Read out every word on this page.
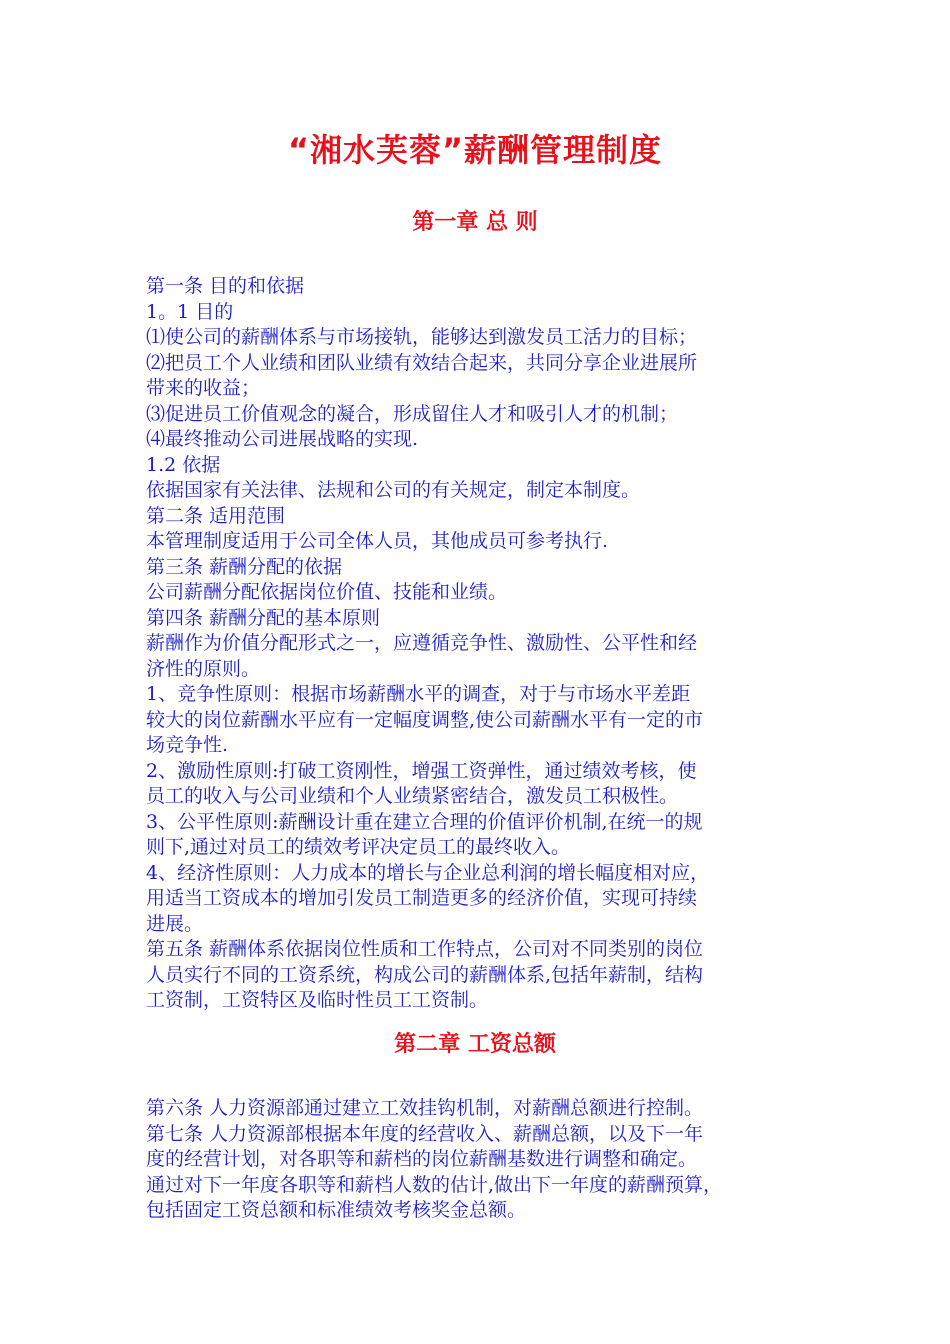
“湘水芙蓉”薪酬管理制度
第一章 总 则

第一条 目的和依据

1。1 目的

⑴使公司的薪酬体系与市场接轨，能够达到激发员工活力的目标；

⑵把员工个人业绩和团队业绩有效结合起来，共同分享企业进展所

带来的收益；

⑶促进员工价值观念的凝合，形成留住人才和吸引人才的机制；

⑷最终推动公司进展战略的实现.

1.2 依据

依据国家有关法律、法规和公司的有关规定，制定本制度。

第二条 适用范围

本管理制度适用于公司全体人员，其他成员可参考执行.

第三条 薪酬分配的依据

公司薪酬分配依据岗位价值、技能和业绩。

第四条 薪酬分配的基本原则

薪酬作为价值分配形式之一，应遵循竞争性、激励性、公平性和经

济性的原则。

1、竞争性原则：根据市场薪酬水平的调查，对于与市场水平差距

较大的岗位薪酬水平应有一定幅度调整,使公司薪酬水平有一定的市

场竞争性.

2、激励性原则:打破工资刚性，增强工资弹性，通过绩效考核，使

员工的收入与公司业绩和个人业绩紧密结合，激发员工积极性。

3、公平性原则:薪酬设计重在建立合理的价值评价机制,在统一的规

则下,通过对员工的绩效考评决定员工的最终收入。

4、经济性原则：人力成本的增长与企业总利润的增长幅度相对应，

用适当工资成本的增加引发员工制造更多的经济价值，实现可持续

进展。

第五条 薪酬体系依据岗位性质和工作特点，公司对不同类别的岗位

人员实行不同的工资系统，构成公司的薪酬体系,包括年薪制，结构

工资制，工资特区及临时性员工工资制。

第二章 工资总额

第六条 人力资源部通过建立工效挂钩机制，对薪酬总额进行控制。

第七条 人力资源部根据本年度的经营收入、薪酬总额，以及下一年

度的经营计划，对各职等和薪档的岗位薪酬基数进行调整和确定。

通过对下一年度各职等和薪档人数的估计,做出下一年度的薪酬预算，

包括固定工资总额和标准绩效考核奖金总额。
